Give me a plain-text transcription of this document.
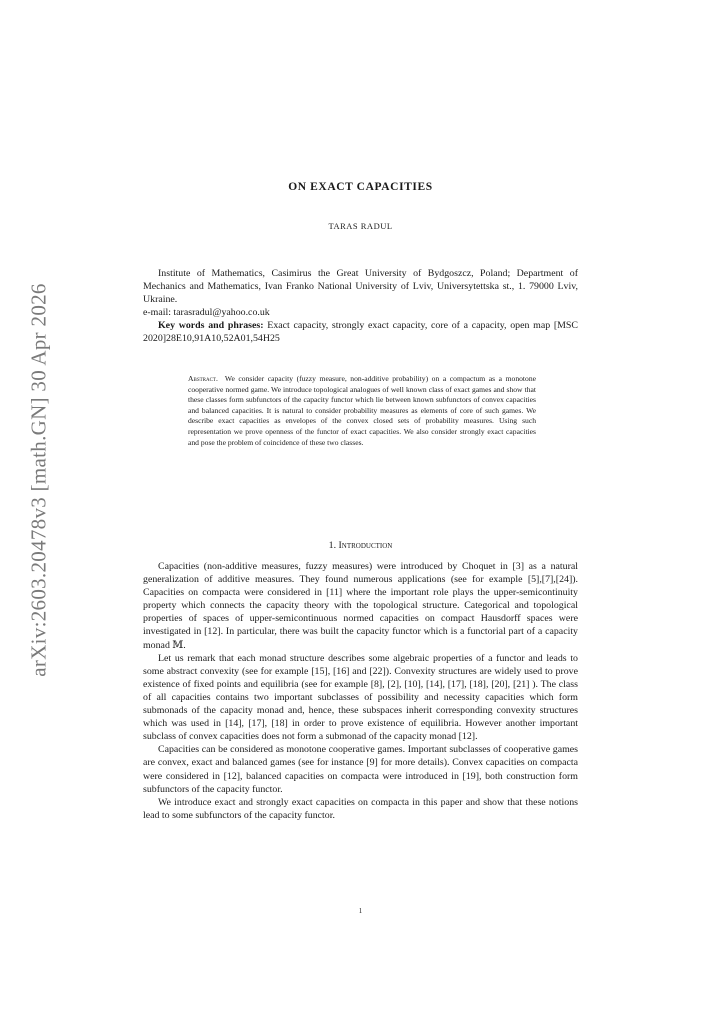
arXiv:2603.20478v3 [math.GN] 30 Apr 2026
ON EXACT CAPACITIES
TARAS RADUL

Institute of Mathematics, Casimirus the Great University of Bydgoszcz, Poland; Department of Mechanics and Mathematics, Ivan Franko National University of Lviv, Universytettska st., 1. 79000 Lviv, Ukraine.

e-mail: tarasradul@yahoo.co.uk

Key words and phrases: Exact capacity, strongly exact capacity, core of a capacity, open map [MSC 2020]28E10,91A10,52A01,54H25

Abstract. We consider capacity (fuzzy measure, non-additive probability) on a compactum as a monotone cooperative normed game. We introduce topological analogues of well known class of exact games and show that these classes form subfunctors of the capacity functor which lie between known subfunctors of convex capacities and balanced capacities. It is natural to consider probability measures as elements of core of such games. We describe exact capacities as envelopes of the convex closed sets of probability measures. Using such representation we prove openness of the functor of exact capacities. We also consider strongly exact capacities and pose the problem of coincidence of these two classes.

1. Introduction

Capacities (non-additive measures, fuzzy measures) were introduced by Choquet in [3] as a natural generalization of additive measures. They found numerous applications (see for example [5],[7],[24]). Capacities on compacta were considered in [11] where the important role plays the upper-semicontinuity property which connects the capacity theory with the topological structure. Categorical and topological properties of spaces of upper-semicontinuous normed capacities on compact Hausdorff spaces were investigated in [12]. In particular, there was built the capacity functor which is a functorial part of a capacity monad 𝕄.

Let us remark that each monad structure describes some algebraic properties of a functor and leads to some abstract convexity (see for example [15], [16] and [22]). Convexity structures are widely used to prove existence of fixed points and equilibria (see for example [8], [2], [10], [14], [17], [18], [20], [21] ). The class of all capacities contains two important subclasses of possibility and necessity capacities which form submonads of the capacity monad and, hence, these subspaces inherit corresponding convexity structures which was used in [14], [17], [18] in order to prove existence of equilibria. However another important subclass of convex capacities does not form a submonad of the capacity monad [12].

Capacities can be considered as monotone cooperative games. Important subclasses of cooperative games are convex, exact and balanced games (see for instance [9] for more details). Convex capacities on compacta were considered in [12], balanced capacities on compacta were introduced in [19], both construction form subfunctors of the capacity functor.

We introduce exact and strongly exact capacities on compacta in this paper and show that these notions lead to some subfunctors of the capacity functor.

1
